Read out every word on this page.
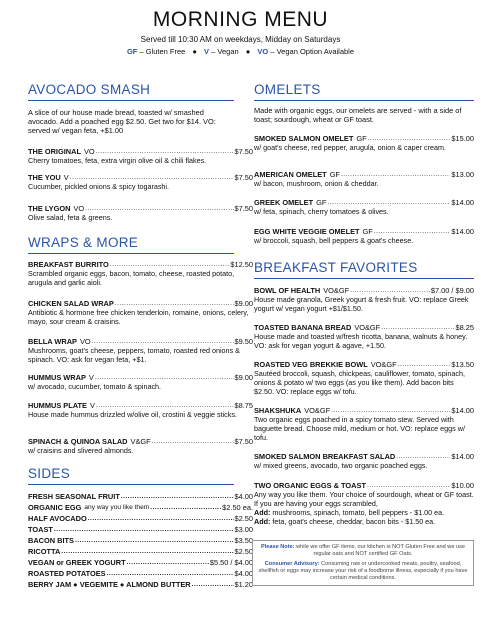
MORNING MENU
Served till 10:30 AM on weekdays, Midday on Saturdays
GF – Gluten Free ● V – Vegan ● VO – Vegan Option Available
AVOCADO SMASH
A slice of our house made bread, toasted w/ smashed avocado. Add a poached egg $2.50. Get two for $14. VO: served w/ vegan feta, +$1.00
THE ORIGINAL VO .....	$7.50
Cherry tomatoes, feta, extra virgin olive oil & chili flakes.
THE YOU V .....	$7.50
Cucumber, pickled onions & spicy togarashi.
THE LYGON VO .....	$7.50
Olive salad, feta & greens.
WRAPS & MORE
BREAKFAST BURRITO .....	$12.50
Scrambled organic eggs, bacon, tomato, cheese, roasted potato, arugula and garlic aioli.
CHICKEN SALAD WRAP .....	$9.00
Antibiotic & hormone free chicken tenderloin, romaine, onions, celery, mayo, sour cream & craisins.
BELLA WRAP VO .....	$9.50
Mushrooms, goat's cheese, peppers, tomato, roasted red onions & spinach. VO: ask for vegan feta, +$1.
HUMMUS WRAP V .....	$9.00
w/ avocado, cucumber, tomato & spinach.
HUMMUS PLATE V .....	$8.75
House made hummus drizzled w/olive oil, crostini & veggie sticks.
SPINACH & QUINOA SALAD V&GF .....	$7.50
w/ craisins and slivered almonds.
SIDES
FRESH SEASONAL FRUIT .....	$4.00
ORGANIC EGG any way you like them .....	$2.50 ea.
HALF AVOCADO .....	$2.50
TOAST .....	$3.00
BACON BITS .....	$3.50
RICOTTA .....	$2.50
VEGAN or GREEK YOGURT .....	$5.50 / $4.00
ROASTED POTATOES .....	$4.00
BERRY JAM ● VEGEMITE ● ALMOND BUTTER .....	$1.20
OMELETS
Made with organic eggs, our omelets are served - with a side of toast; sourdough, wheat or GF toast.
SMOKED SALMON OMELET GF .....	$15.00
w/ goat's cheese, red pepper, arugula, onion & caper cream.
AMERICAN OMELET GF .....	$13.00
w/ bacon, mushroom, onion & cheddar.
GREEK OMELET GF .....	$14.00
w/ feta, spinach, cherry tomatoes & olives.
EGG WHITE VEGGIE OMELET GF .....	$14.00
w/ broccoli, squash, bell peppers & goat's cheese.
BREAKFAST FAVORITES
BOWL OF HEALTH VO&GF .....	$7.00 / $9.00
House made granola, Greek yogurt & fresh fruit. VO: replace Greek yogurt w/ vegan yogurt +$1/$1.50.
TOASTED BANANA BREAD VO&GF .....	$8.25
House made and toasted w/fresh ricotta, banana, walnuts & honey. VO: ask for vegan yogurt & agave, +1.50.
ROASTED VEG BREKKIE BOWL VO&GF .....	$13.50
Sautéed broccoli, squash, chickpeas, cauliflower, tomato, spinach, onions & potato w/ two eggs (as you like them). Add bacon bits $2.50. VO: replace eggs w/ tofu.
SHAKSHUKA VO&GF .....	$14.00
Two organic eggs poached in a spicy tomato stew. Served with baguette bread. Choose mild, medium or hot. VO: replace eggs w/ tofu.
SMOKED SALMON BREAKFAST SALAD .....	$14.00
w/ mixed greens, avocado, two organic poached eggs.
TWO ORGANIC EGGS & TOAST .....	$10.00
Any way you like them. Your choice of sourdough, wheat or GF toast. If you are having your eggs scrambled,
Add: mushrooms, spinach, tomato, bell peppers - $1.00 ea.
Add: feta, goat's cheese, cheddar, bacon bits - $1.50 ea.
Please Note: while we offer GF items, our kitchen is NOT Gluten Free and we use regular oats and NOT certified GF Oats.
Consumer Advisory: Consuming raw or undercooked meats, poultry, seafood, shellfish or eggs may increase your risk of a foodborne illness, especially if you have certain medical conditions.
